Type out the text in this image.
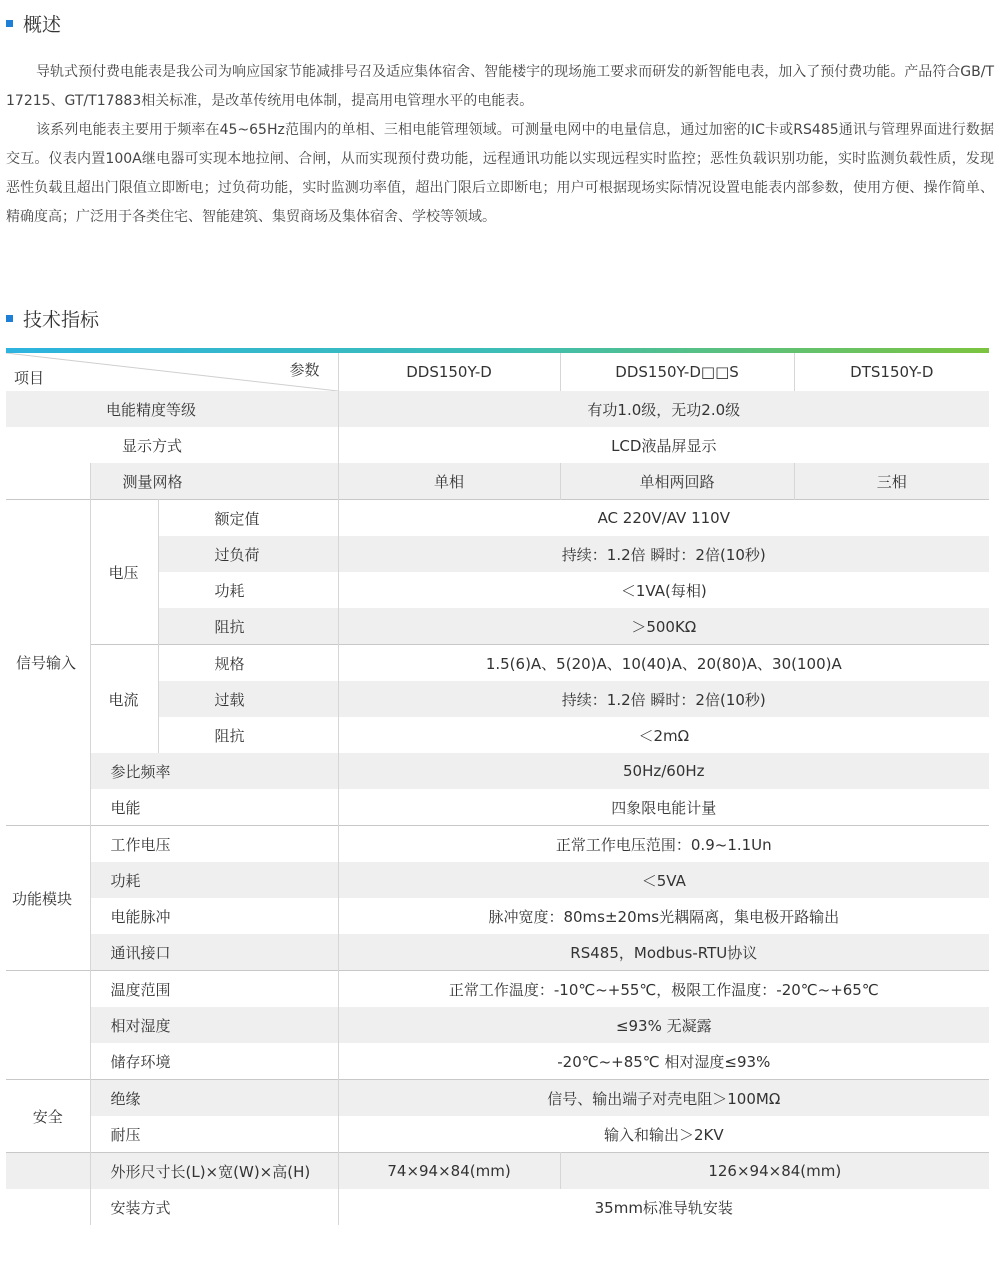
概述

导轨式预付费电能表是我公司为响应国家节能减排号召及适应集体宿舍、智能楼宇的现场施工要求而研发的新智能电表，加入了预付费功能。产品符合GB/T 17215、GT/T17883相关标准，是改革传统用电体制，提高用电管理水平的电能表。

该系列电能表主要用于频率在45~65Hz范围内的单相、三相电能管理领域。可测量电网中的电量信息，通过加密的IC卡或RS485通讯与管理界面进行数据交互。仪表内置100A继电器可实现本地拉闸、合闸，从而实现预付费功能，远程通讯功能以实现远程实时监控；恶性负载识别功能，实时监测负载性质，发现恶性负载且超出门限值立即断电；过负荷功能，实时监测功率值，超出门限后立即断电；用户可根据现场实际情况设置电能表内部参数，使用方便、操作简单、精确度高；广泛用于各类住宅、智能建筑、集贸商场及集体宿舍、学校等领域。

技术指标
参数
项目			DDS150Y-D	DDS150Y-D□□S	DTS150Y-D
电能精度等级			有功1.0级，无功2.0级		
显示方式			LCD液晶屏显示		
	测量网格		单相	单相两回路	三相
信号输入	电压	额定值	AC 220V/AV 110V		
		过负荷	持续：1.2倍 瞬时：2倍(10秒)		
		功耗	＜1VA(每相)		
		阻抗	＞500KΩ		
	电流	规格	1.5(6)A、5(20)A、10(40)A、20(80)A、30(100)A		
		过载	持续：1.2倍 瞬时：2倍(10秒)		
		阻抗	＜2mΩ		
	参比频率		50Hz/60Hz		
	电能		四象限电能计量		
功能模块	工作电压		正常工作电压范围：0.9~1.1Un		
	功耗		＜5VA		
	电能脉冲		脉冲宽度：80ms±20ms光耦隔离，集电极开路输出		
	通讯接口		RS485，Modbus-RTU协议		
	温度范围		正常工作温度：-10℃~+55℃，极限工作温度：-20℃~+65℃		
	相对湿度		≤93% 无凝露		
	储存环境		-20℃~+85℃ 相对湿度≤93%		
安全	绝缘		信号、输出端子对壳电阻＞100MΩ		
	耐压		输入和输出＞2KV		
	外形尺寸长(L)×宽(W)×高(H)		74×94×84(mm)	126×94×84(mm)	
	安装方式		35mm标准导轨安装		
